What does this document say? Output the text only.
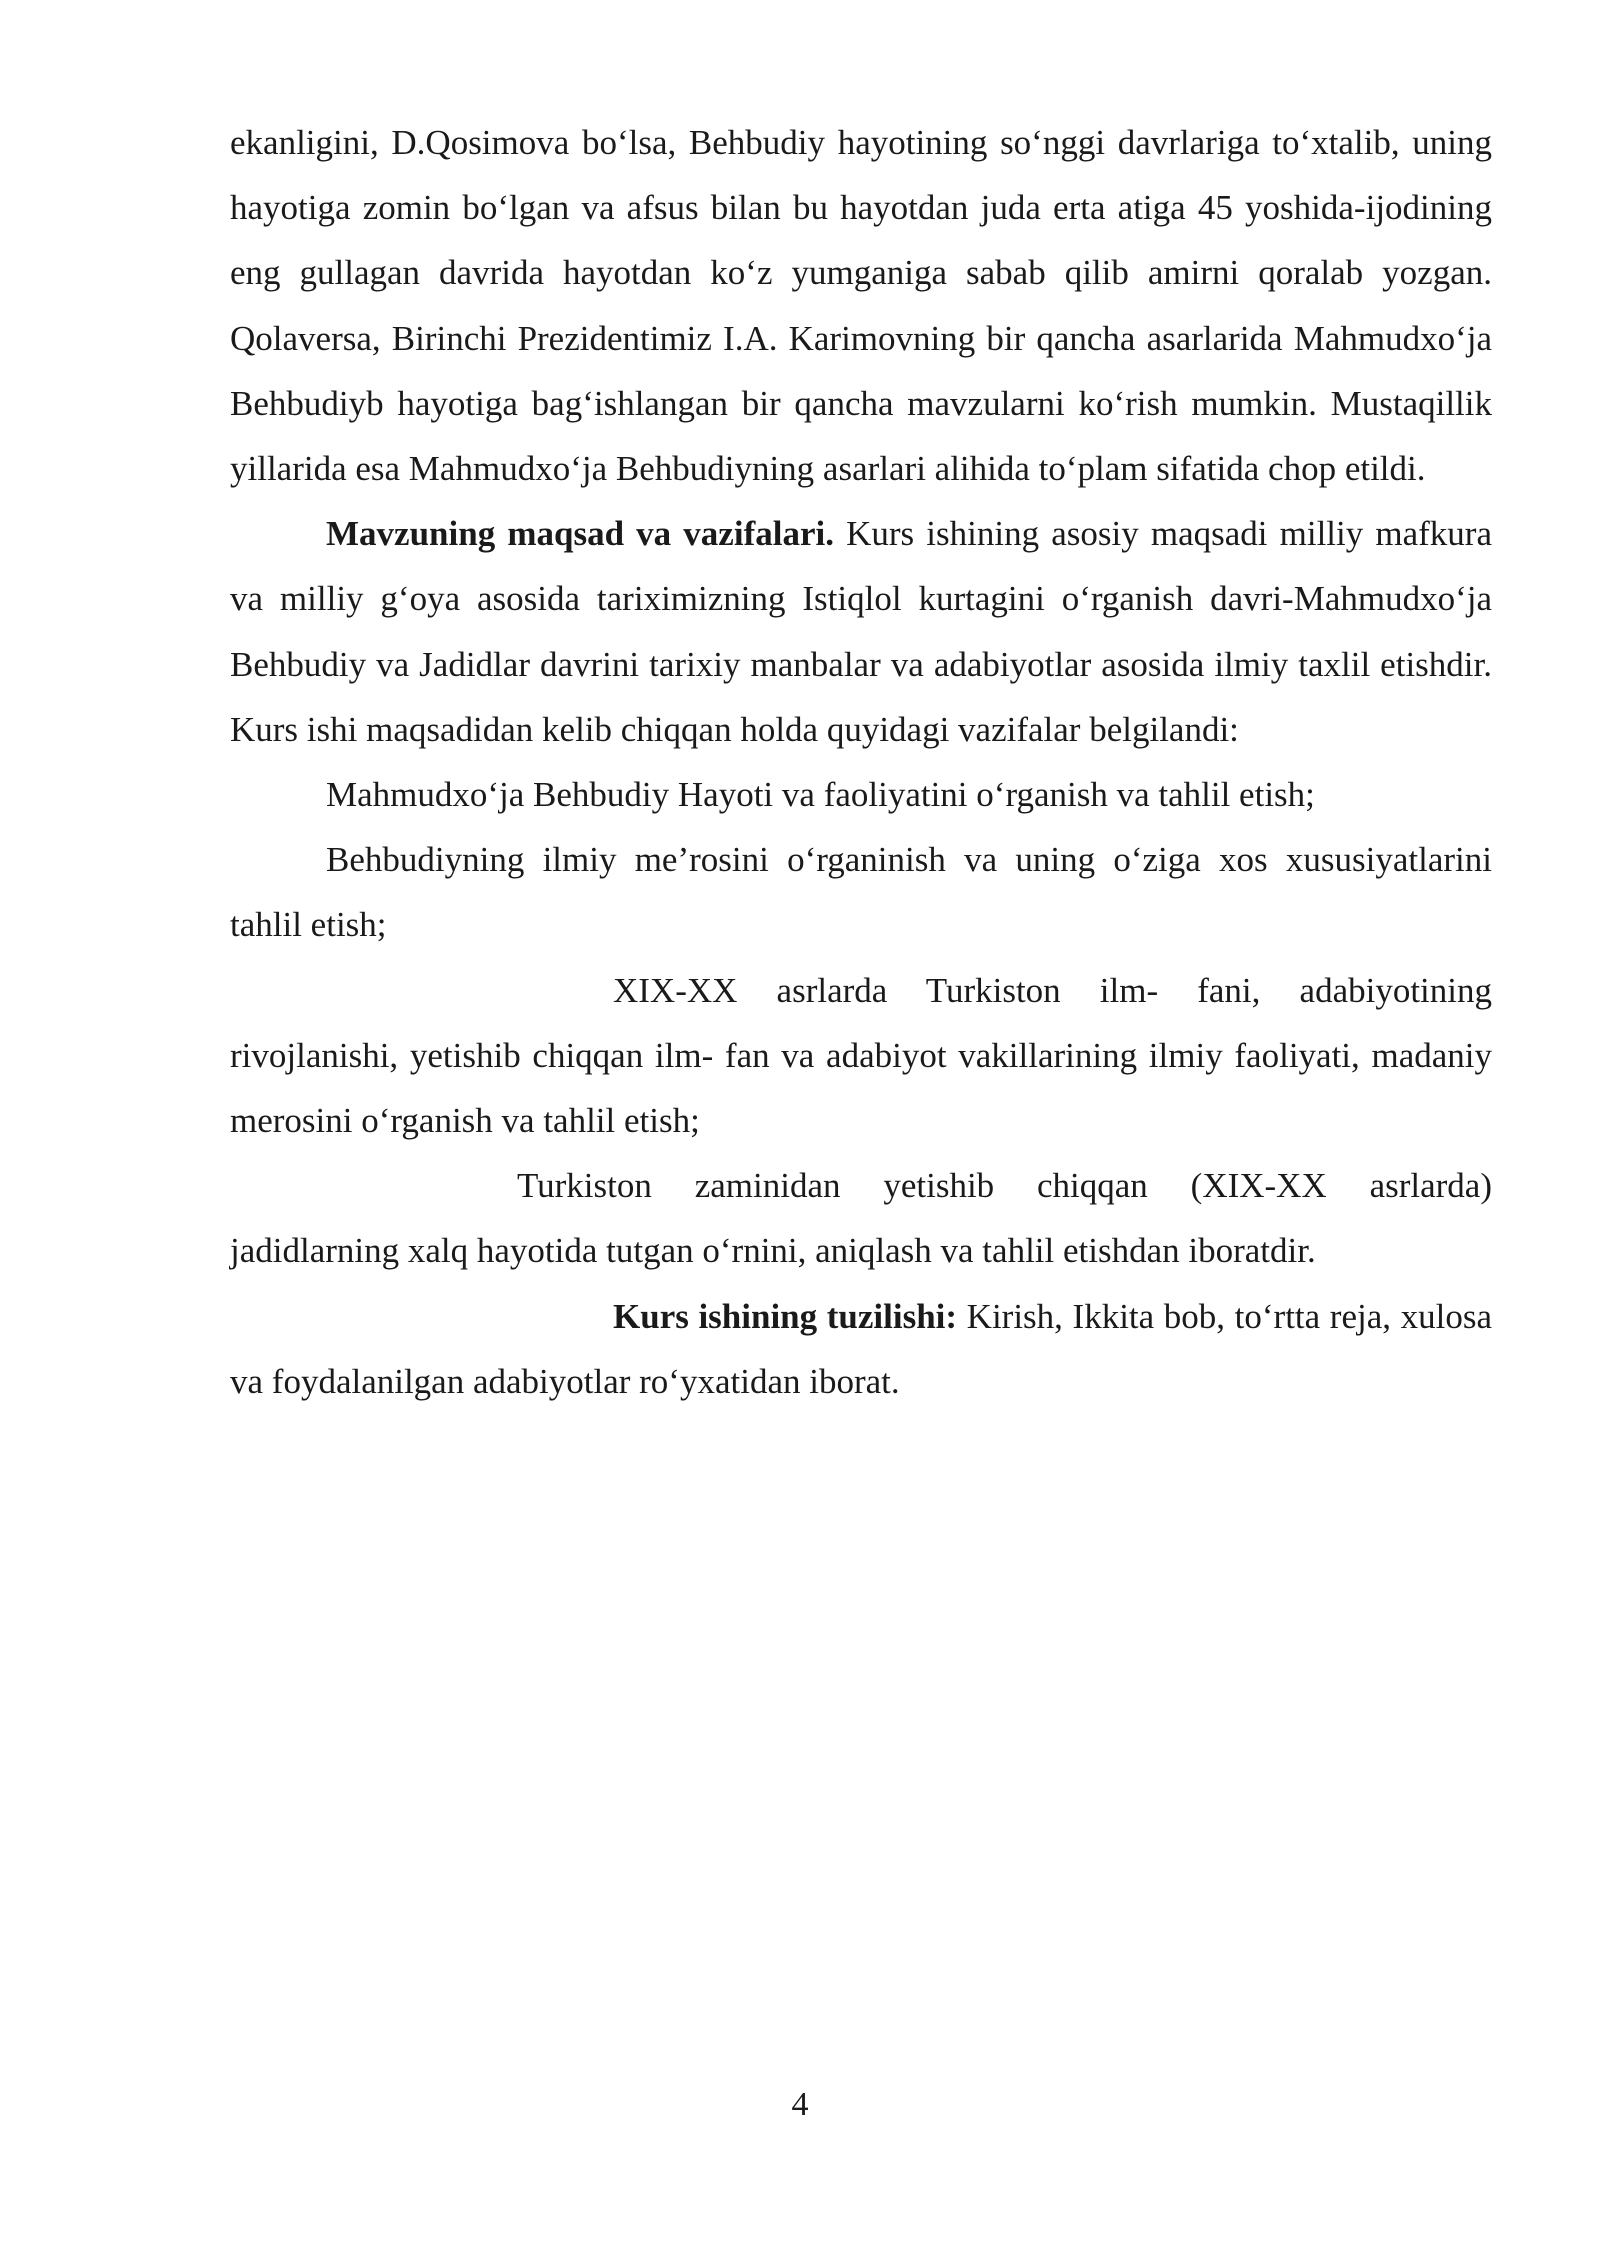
ekanligini, D.Qosimova bo‘lsa, Behbudiy hayotining so‘nggi davrlariga to‘xtalib, uning hayotiga zomin bo‘lgan va afsus bilan bu hayotdan juda erta atiga 45 yoshida-ijodining eng gullagan davrida hayotdan ko‘z yumganiga sabab qilib amirni qoralab yozgan. Qolaversa, Birinchi Prezidentimiz I.A. Karimovning bir qancha asarlarida Mahmudxo‘ja Behbudiyb hayotiga bag‘ishlangan bir qancha mavzularni ko‘rish mumkin. Mustaqillik yillarida esa Mahmudxo‘ja Behbudiyning asarlari alihida to‘plam sifatida chop etildi.

Mavzuning maqsad va vazifalari. Kurs ishining asosiy maqsadi milliy mafkura va milliy g‘oya asosida tariximizning Istiqlol kurtagini o‘rganish davri-Mahmudxo‘ja Behbudiy va Jadidlar davrini tarixiy manbalar va adabiyotlar asosida ilmiy taxlil etishdir. Kurs ishi maqsadidan kelib chiqqan holda quyidagi vazifalar belgilandi:

Mahmudxo‘ja Behbudiy Hayoti va faoliyatini o‘rganish va tahlil etish;

Behbudiyning ilmiy me’rosini o‘rganinish va uning o‘ziga xos xususiyatlarini tahlil etish;

XIX-XX asrlarda Turkiston ilm- fani, adabiyotining rivojlanishi, yetishib chiqqan ilm- fan va adabiyot vakillarining ilmiy faoliyati, madaniy merosini o‘rganish va tahlil etish;

Turkiston zaminidan yetishib chiqqan (XIX-XX asrlarda) jadidlarning xalq hayotida tutgan o‘rnini, aniqlash va tahlil etishdan iboratdir.

Kurs ishining tuzilishi: Kirish, Ikkita bob, to‘rtta reja, xulosa va foydalanilgan adabiyotlar ro‘yxatidan iborat.

4
